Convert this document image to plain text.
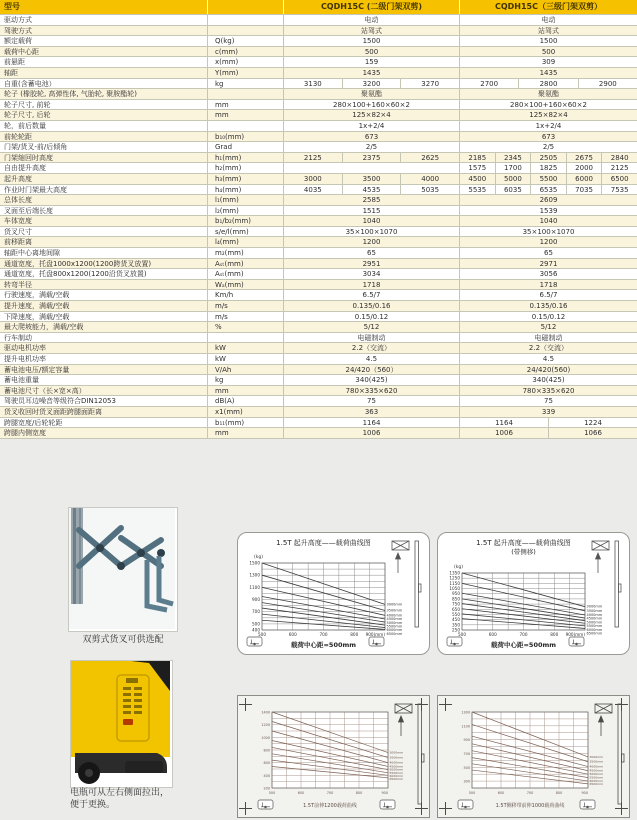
型号	CQDH15C (二级门架双剪)	CQDH15C（三级门架双剪）
驱动方式	电动	电动
驾驶方式	站驾式	站驾式
额定载荷	Q(kg)	1500	1500
载荷中心距	c(mm)	500	500
前悬距	x(mm)	159	309
轴距	Y(mm)	1435	1435
自重(含蓄电池）	kg	3130	3200	3270	2700	2800	2900
轮子 (橡胶轮, 高弹性体, 气胎轮, 聚胺酯轮)	聚氨酯	聚氨酯
轮子尺寸, 前轮	mm	280×100+160×60×2	280×100+160×60×2
轮子尺寸, 后轮	mm	125×82×4	125×82×4
轮，前后数量	1x+2/4	1x+2/4
前轮轮距	b₁₀(mm)	673	673
门架/货叉-前/后倾角	Grad	2/5	2/5
门架缩回时高度	h₁(mm)	2125	2375	2625	2185	2345	2505	2675	2840
自由提升高度	h₂(mm)	1575	1700	1825	2000	2125
起升高度	h₃(mm)	3000	3500	4000	4500	5000	5500	6000	6500
作业时门架最大高度	h₄(mm)	4035	4535	5035	5535	6035	6535	7035	7535
总体长度	l₁(mm)	2585	2609
叉面至后端长度	l₂(mm)	1515	1539
车体宽度	b₁/b₂(mm)	1040	1040
货叉尺寸	s/e/l(mm)	35×100×1070	35×100×1070
前移距离	l₄(mm)	1200	1200
轴距中心离地间隙	m₂(mm)	65	65
通道宽度，托盘1000x1200(1200跨货叉放置)	Aₛₜ(mm)	2951	2971
通道宽度，托盘800x1200(1200沿货叉放置)	Aₛₜ(mm)	3034	3056
转弯半径	Wₐ(mm)	1718	1718
行驶速度，满载/空载	Km/h	6.5/7	6.5/7
提升速度，满载/空载	m/s	0.135/0.16	0.135/0.16
下降速度，满载/空载	m/s	0.15/0.12	0.15/0.12
最大爬坡能力，满载/空载	%	5/12	5/12
行车制动	电磁制动	电磁制动
驱动电机功率	kW	2.2（交流）	2.2（交流）
提升电机功率	kW	4.5	4.5
蓄电池电压/额定容量	V/Ah	24/420（560）	24/420(560)
蓄电池重量	kg	340(425)	340(425)
蓄电池尺寸（长×宽×高）	mm	780×335×620	780×335×620
驾驶员耳边噪音等级符合DIN12053	dB(A)	75	75
货叉收回时货叉面距跨腿面距离	x1(mm)	363	339
跨腿宽度/后轮轮距	b₁₁(mm)	1164	1164	1224
跨腿内侧宽度	mm	1006	1006	1066
双剪式货叉可供选配
电瓶可从左右侧面拉出，
便于更换。
1500
1300
1100
900
700
500
400
500	600	700	800 900(mm)
1.5T 起升高度——载荷曲线图
(kg)
3000mm
3500mm
4000mm
4500mm
5000mm
5500mm
6000mm
6500mm
载荷中心距=500mm
1350
1250
1150
1050
950
850
750
650
550
450
350
250
500	600	700	800 900(mm)
1.5T 起升高度——载荷曲线图
(带侧移)
(kg)
3000mm
3500mm
4000mm
4500mm
5000mm
5500mm
6000mm
6500mm
载荷中心距=500mm
1400
1200
1000
800
600
400
200
500	600	700	800	900
3000mm
3500mm
4000mm
4500mm
5000mm
5500mm
6000mm
6500mm
1.5T前伸1200载荷曲线
1300
1100
900
700
500
300
500	600	700	800	900
3000mm
3500mm
4000mm
4500mm
5000mm
5500mm
6000mm
6500mm
1.5T侧移带前伸1000载荷曲线
